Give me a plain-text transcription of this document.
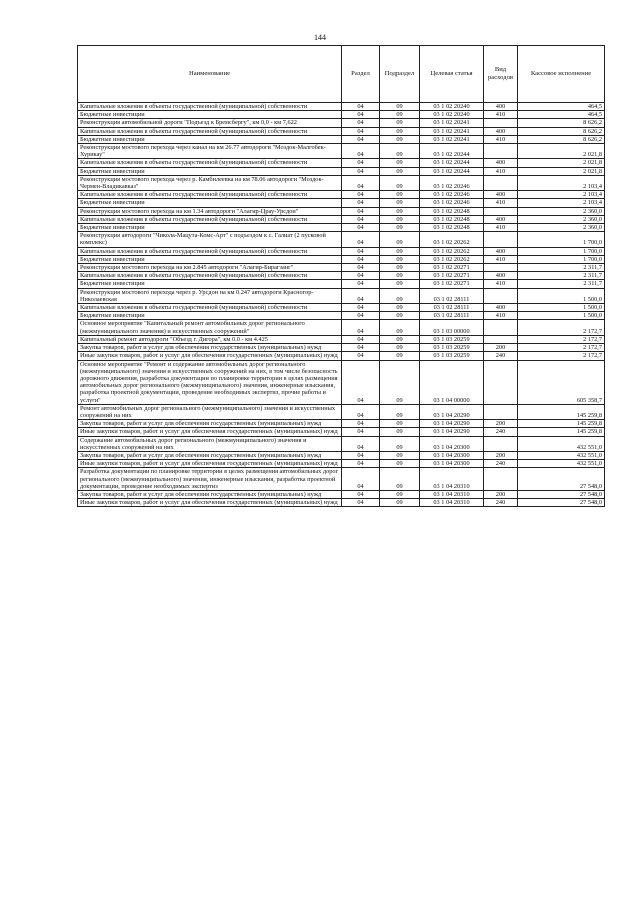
144
Наименование	Раздел	Подраздел	Целевая статья	Вид расходов	Кассовое исполнение
Капитальные вложения в объекты государственной (муниципальной) собственности	04	09	03 1 02 20240	400	464,5
Бюджетные инвестиции	04	09	03 1 02 20240	410	464,5
Реконструкция автомобильной дороги "Подъезд к Бремсбергу", км 0,0 - км 7,622	04	09	03 1 02 20241		8 626,2
Капитальные вложения в объекты государственной (муниципальной) собственности	04	09	03 1 02 20241	400	8 626,2
Бюджетные инвестиции	04	09	03 1 02 20241	410	8 626,2
Реконструкция мостового перехода через канал на км 26.77 автодороги "Моздок-Малгобек-Хурикау"	04	09	03 1 02 20244		2 021,8
Капитальные вложения в объекты государственной (муниципальной) собственности	04	09	03 1 02 20244	400	2 021,8
Бюджетные инвестиции	04	09	03 1 02 20244	410	2 021,8
Реконструкция мостового перехода через р. Камбилеевка на км 78.06 автодороги "Моздок-Чермен-Владикавказ"	04	09	03 1 02 20246		2 103,4
Капитальные вложения в объекты государственной (муниципальной) собственности	04	09	03 1 02 20246	400	2 103,4
Бюджетные инвестиции	04	09	03 1 02 20246	410	2 103,4
Реконструкция мостового перехода на км 1.34 автодороги "Алагир-Црау-Урсдон"	04	09	03 1 02 20248		2 360,0
Капитальные вложения в объекты государственной (муниципальной) собственности	04	09	03 1 02 20248	400	2 360,0
Бюджетные инвестиции	04	09	03 1 02 20248	410	2 360,0
Реконструкция автодороги "Чикола-Мацута-Комс-Арт" с подъездом к с. Галиат (2 пусковой комплекс)	04	09	03 1 02 20262		1 700,0
Капитальные вложения в объекты государственной (муниципальной) собственности	04	09	03 1 02 20262	400	1 700,0
Бюджетные инвестиции	04	09	03 1 02 20262	410	1 700,0
Реконструкция мостового перехода на км 2.845 автодороги "Алагир-Бирагзанг"	04	09	03 1 02 20271		2 311,7
Капитальные вложения в объекты государственной (муниципальной) собственности	04	09	03 1 02 20271	400	2 311,7
Бюджетные инвестиции	04	09	03 1 02 20271	410	2 311,7
Реконструкция мостового перехода через р. Урсдон на км 0.247 автодороги Красногор-Николаевская	04	09	03 1 02 28111		1 500,0
Капитальные вложения в объекты государственной (муниципальной) собственности	04	09	03 1 02 28111	400	1 500,0
Бюджетные инвестиции	04	09	03 1 02 28111	410	1 500,0
Основное мероприятие "Капитальный ремонт автомобильных дорог регионального (межмуниципального значения) и искусственных сооружений"	04	09	03 1 03 00000		2 172,7
Капитальный ремонт автодороги "Объезд г. Дигора", км 0.0 - км 4.425	04	09	03 1 03 20259		2 172,7
Закупка товаров, работ и услуг для обеспечения государственных (муниципальных) нужд	04	09	03 1 03 20259	200	2 172,7
Иные закупки товаров, работ и услуг для обеспечения государственных (муниципальных) нужд	04	09	03 1 03 20259	240	2 172,7
Основное мероприятие "Ремонт и содержание автомобильных дорог регионального (межмуниципального) значения и искусственных сооружений на них, в том числе безопасность дорожного движения, разработка документации по планировке территории в целях размещения автомобильных дорог регионального (межмуниципального) значения, инженерные изыскания, разработка проектной документации, проведение необходимых экспертиз, прочие работы и услуги"	04	09	03 1 04 00000		605 358,7
Ремонт автомобильных дорог регионального (межмуниципального) значения и искусственных сооружений на них	04	09	03 1 04 20290		145 259,8
Закупка товаров, работ и услуг для обеспечения государственных (муниципальных) нужд	04	09	03 1 04 20290	200	145 259,8
Иные закупки товаров, работ и услуг для обеспечения государственных (муниципальных) нужд	04	09	03 1 04 20290	240	145 259,8
Содержание автомобильных дорог регионального (межмуниципального) значения и искусственных сооружений на них	04	09	03 1 04 20300		432 551,0
Закупка товаров, работ и услуг для обеспечения государственных (муниципальных) нужд	04	09	03 1 04 20300	200	432 551,0
Иные закупки товаров, работ и услуг для обеспечения государственных (муниципальных) нужд	04	09	03 1 04 20300	240	432 551,0
Разработка документации по планировке территории в целях размещения автомобильных дорог регионального (межмуниципального) значения, инженерные изыскания, разработка проектной документации, проведение необходимых экспертиз	04	09	03 1 04 20310		27 548,0
Закупка товаров, работ и услуг для обеспечения государственных (муниципальных) нужд	04	09	03 1 04 20310	200	27 548,0
Иные закупки товаров, работ и услуг для обеспечения государственных (муниципальных) нужд	04	09	03 1 04 20310	240	27 548,0
